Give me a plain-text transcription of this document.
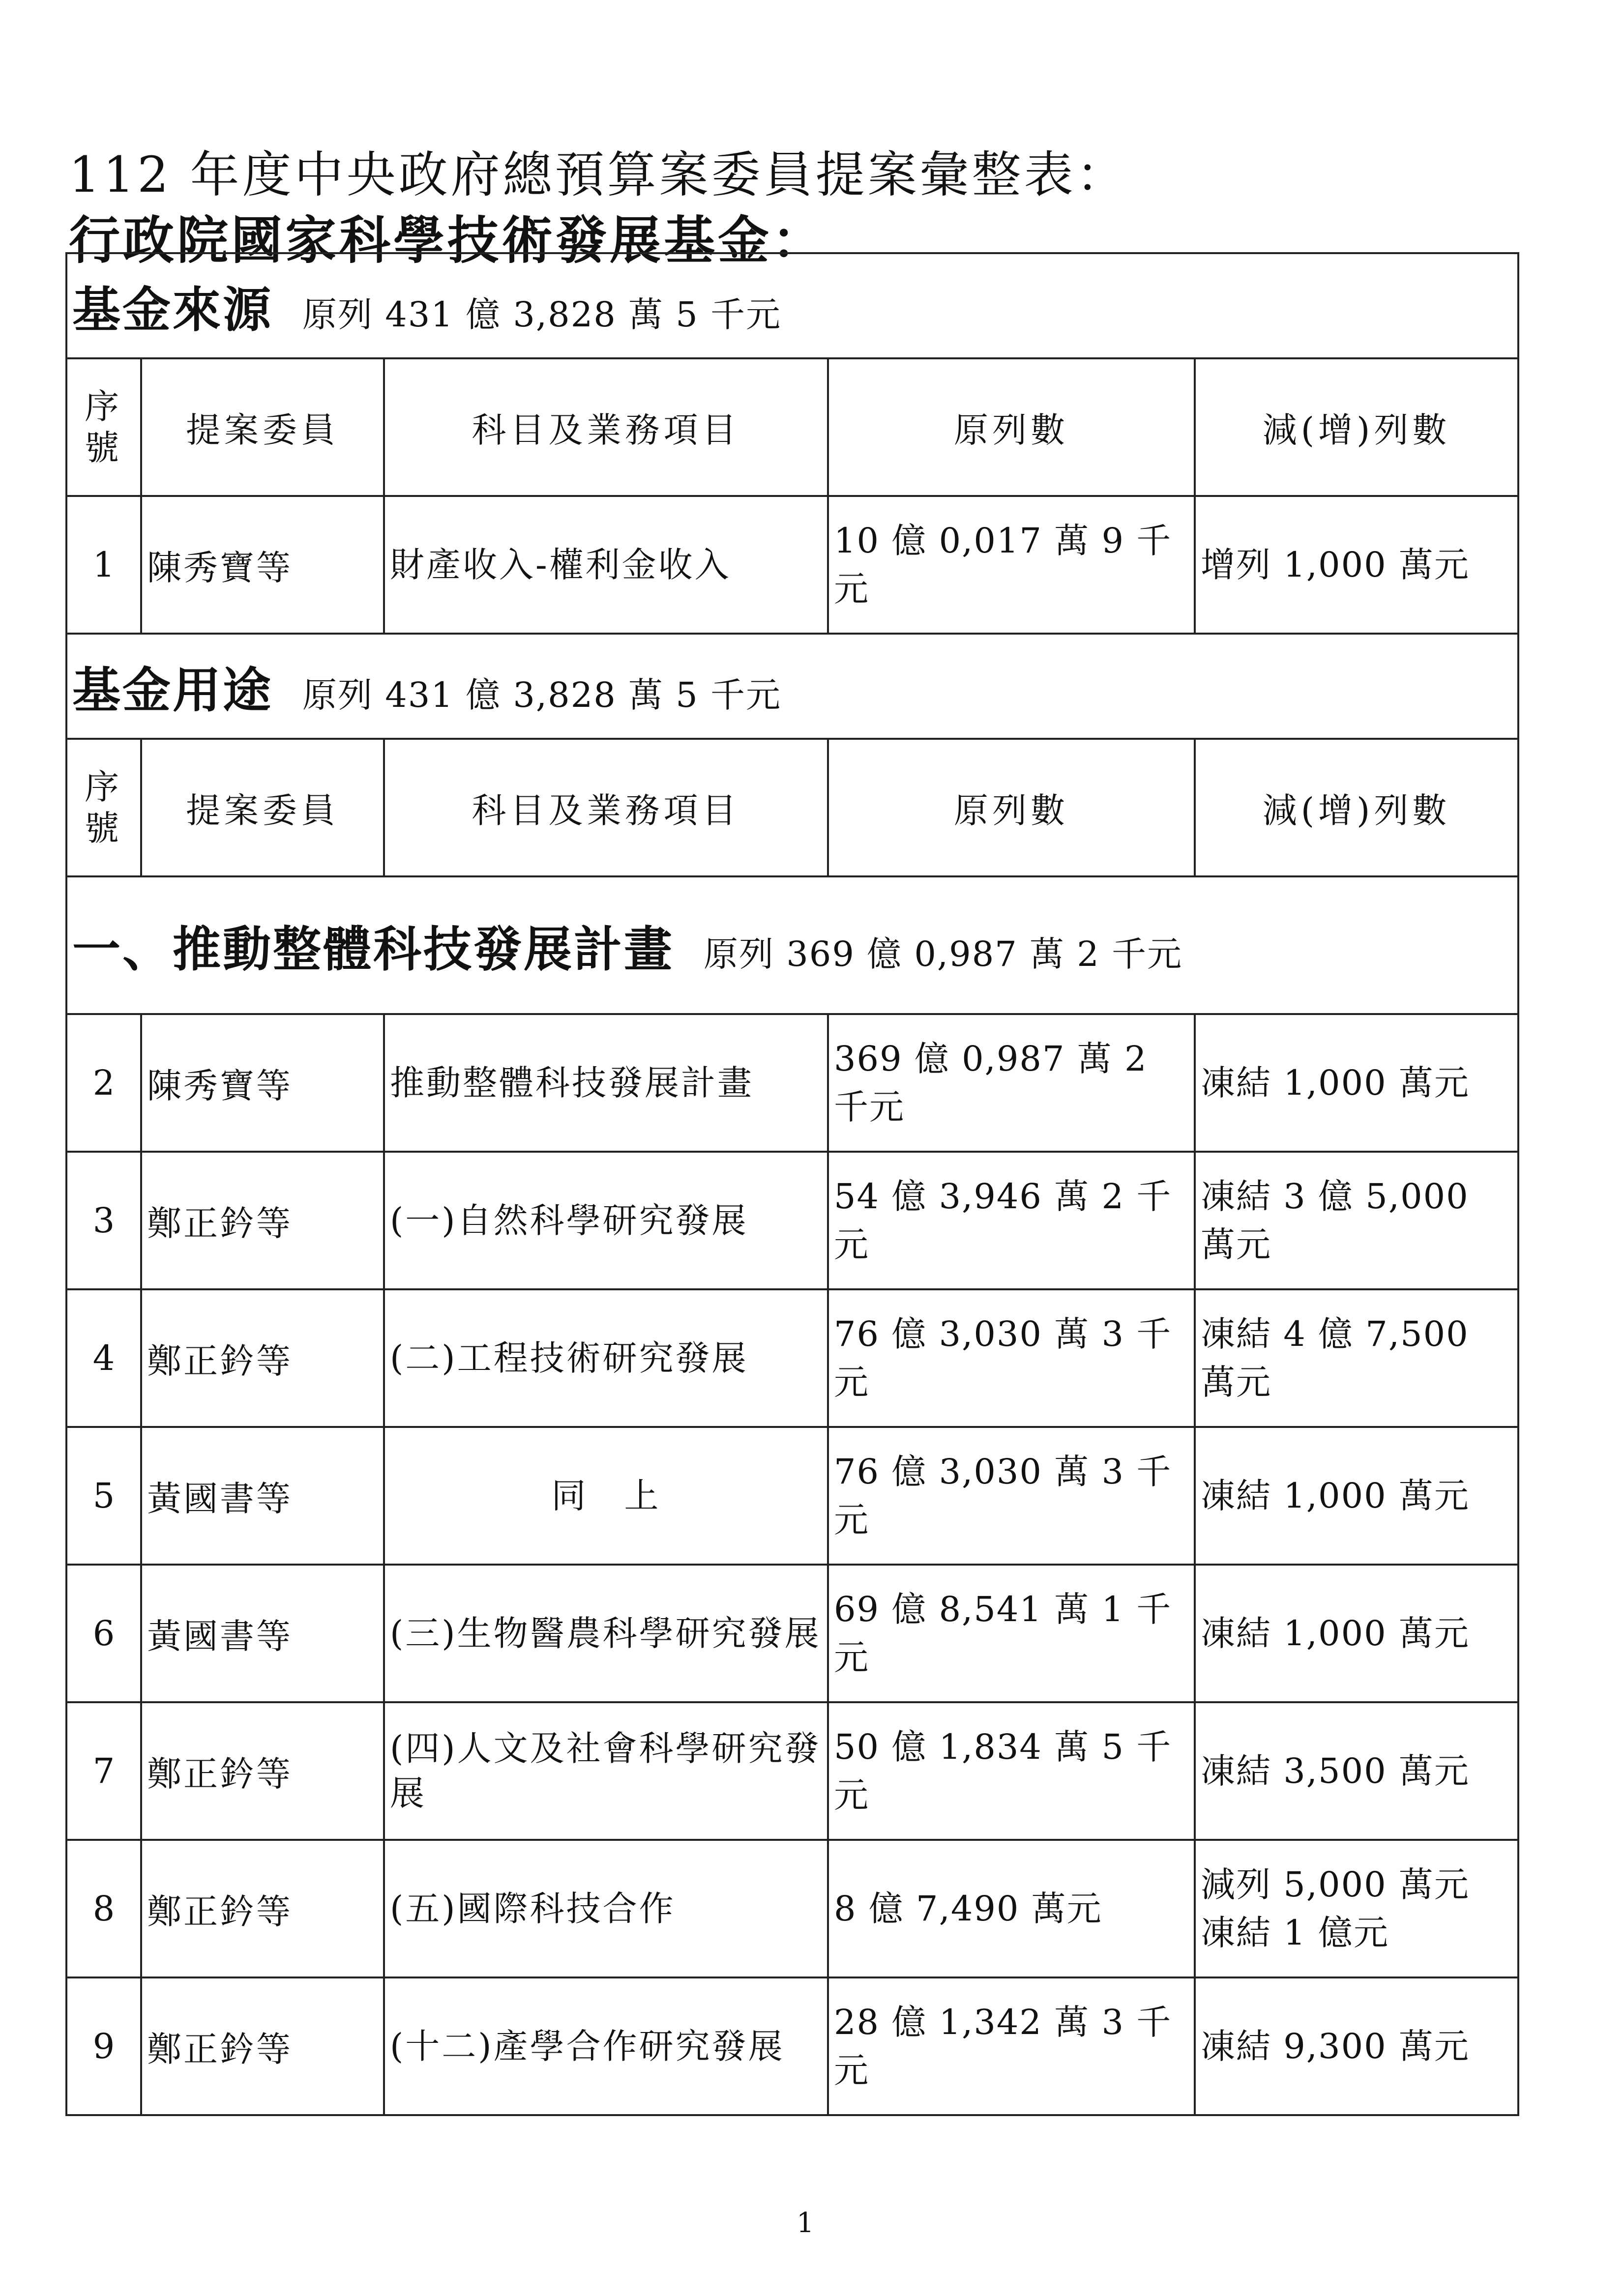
112 年度中央政府總預算案委員提案彙整表：
行政院國家科學技術發展基金：
基金來源 原列 431 億 3,828 萬 5 千元				
序
號	提案委員	科目及業務項目	原列數	減(增)列數
1	陳秀寶等	財產收入-權利金收入	10 億 0,017 萬 9 千元	增列 1,000 萬元
基金用途 原列 431 億 3,828 萬 5 千元				
序
號	提案委員	科目及業務項目	原列數	減(增)列數
一、推動整體科技發展計畫 原列 369 億 0,987 萬 2 千元				
2	陳秀寶等	推動整體科技發展計畫	369 億 0,987 萬 2 千元	凍結 1,000 萬元
3	鄭正鈐等	(一)自然科學研究發展	54 億 3,946 萬 2 千元	凍結 3 億 5,000 萬元
4	鄭正鈐等	(二)工程技術研究發展	76 億 3,030 萬 3 千元	凍結 4 億 7,500 萬元
5	黃國書等	同　上	76 億 3,030 萬 3 千元	凍結 1,000 萬元
6	黃國書等	(三)生物醫農科學研究發展	69 億 8,541 萬 1 千元	凍結 1,000 萬元
7	鄭正鈐等	(四)人文及社會科學研究發展	50 億 1,834 萬 5 千元	凍結 3,500 萬元
8	鄭正鈐等	(五)國際科技合作	8 億 7,490 萬元	減列 5,000 萬元
凍結 1 億元
9	鄭正鈐等	(十二)產學合作研究發展	28 億 1,342 萬 3 千元	凍結 9,300 萬元
1
